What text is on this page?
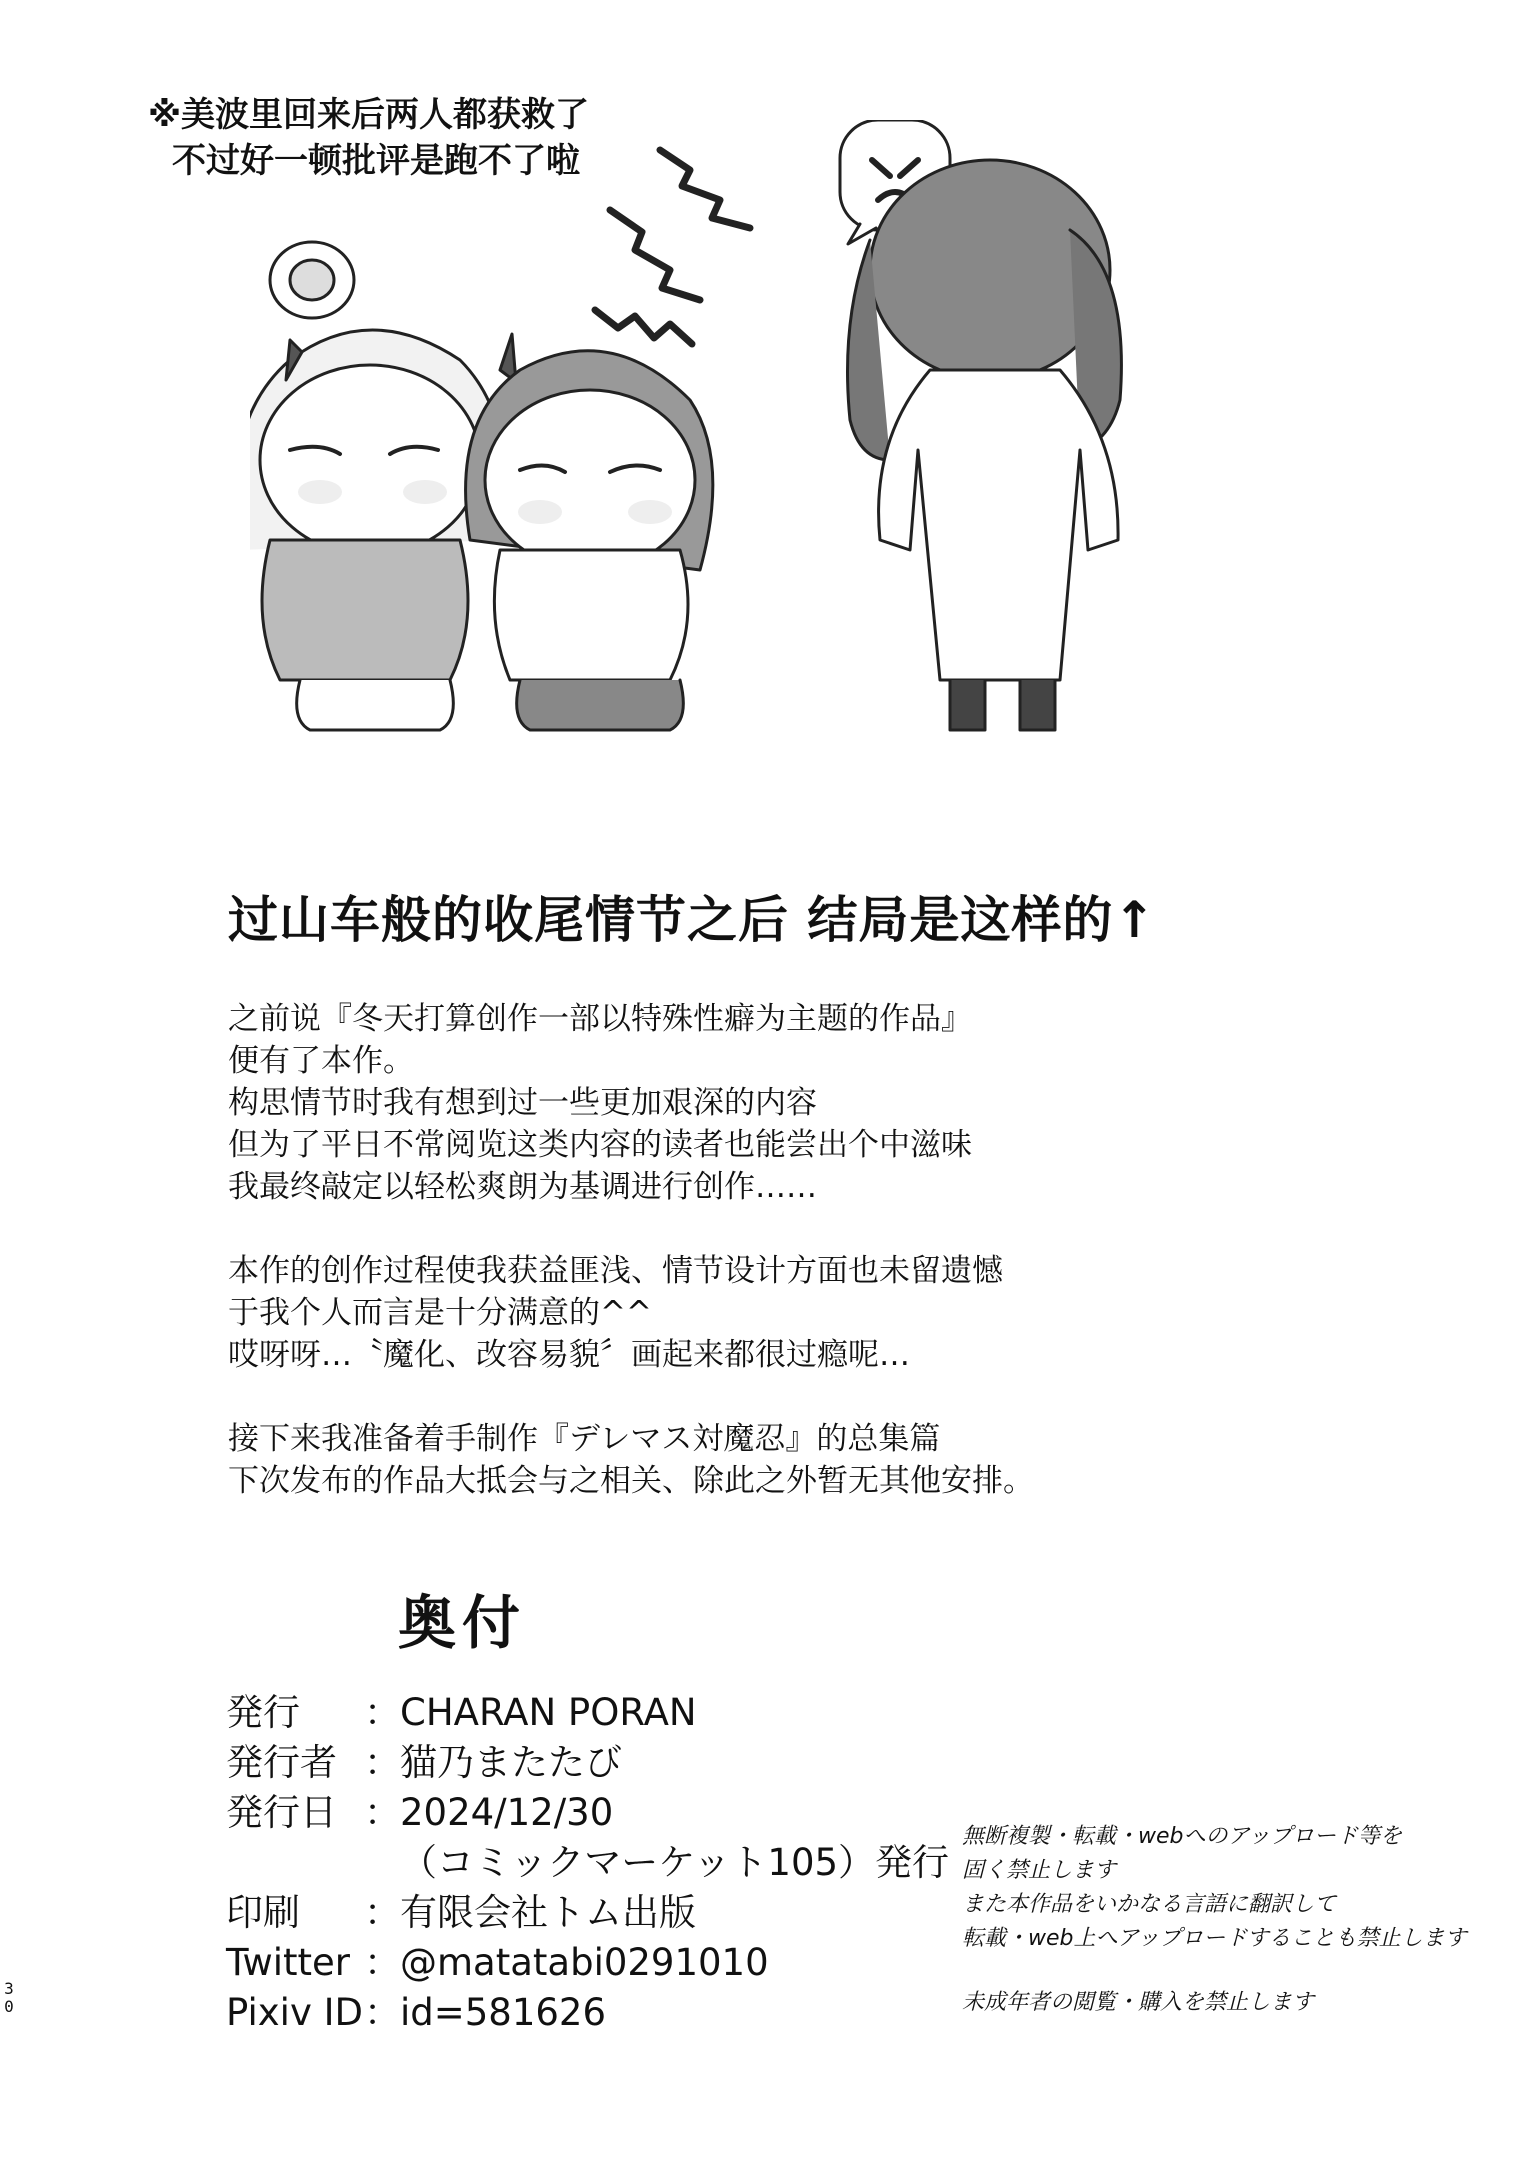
※美波里回来后两人都获救了
不过好一顿批评是跑不了啦
过山车般的收尾情节之后 结局是这样的↑
之前说『冬天打算创作一部以特殊性癖为主题的作品』
便有了本作。
构思情节时我有想到过一些更加艰深的内容
但为了平日不常阅览这类内容的读者也能尝出个中滋味
我最终敲定以轻松爽朗为基调进行创作……
本作的创作过程使我获益匪浅、情节设计方面也未留遗憾
于我个人而言是十分满意的^^
哎呀呀…〝魔化、改容易貌〞画起来都很过瘾呢…
接下来我准备着手制作『デレマス対魔忍』的总集篇
下次发布的作品大抵会与之相关、除此之外暂无其他安排。
奥付
発行	： CHARAN PORAN
発行者 ： 猫乃またたび
発行日 ： 2024/12/30
（コミックマーケット105）発行
印刷	： 有限会社トム出版
Twitter ： @matatabi0291010
Pixiv ID ： id=581626
無断複製・転載・webへのアップロード等を
固く禁止します
また本作品をいかなる言語に翻訳して
転載・web上へアップロードすることも禁止します
未成年者の閲覧・購入を禁止します
30
